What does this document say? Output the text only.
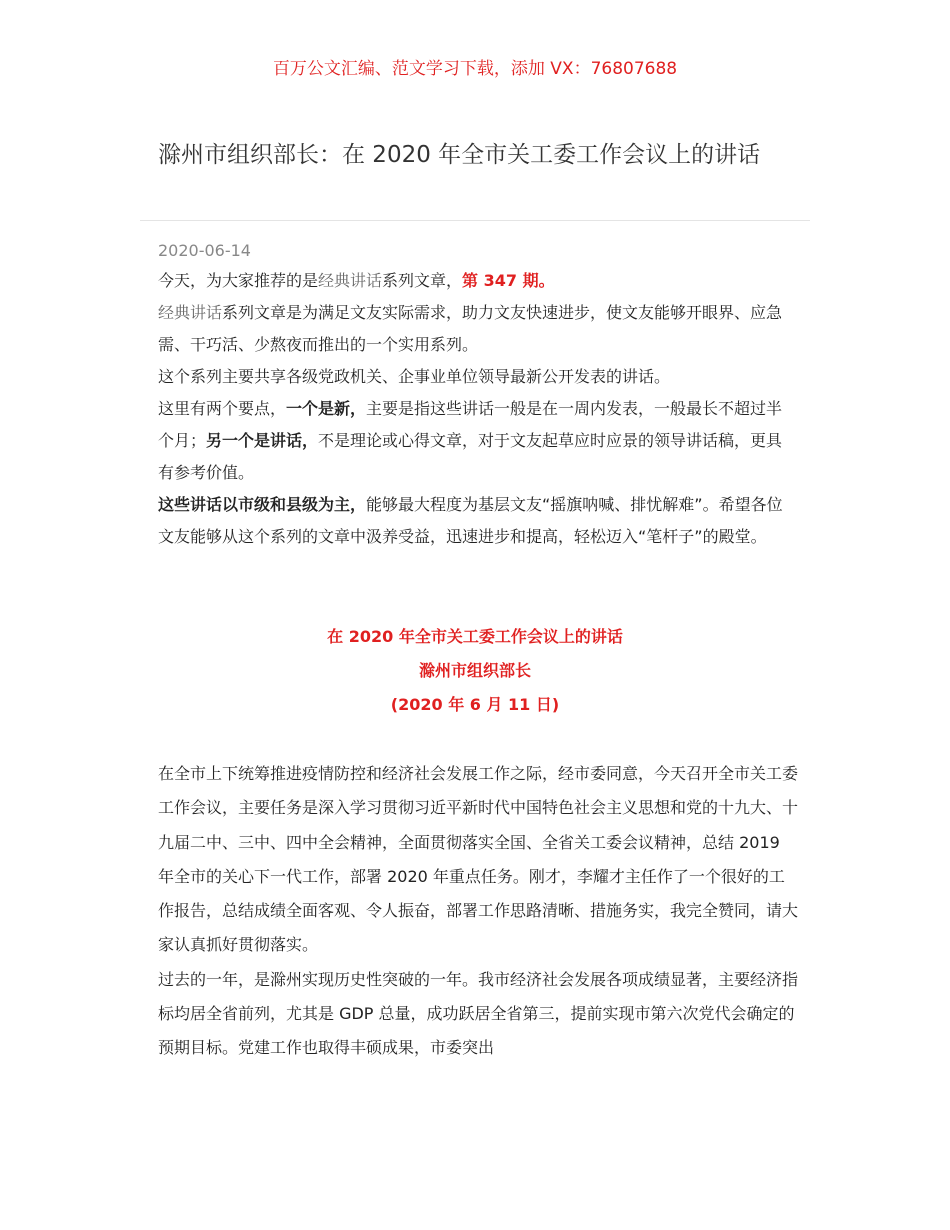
百万公文汇编、范文学习下载，添加 VX：76807688
滁州市组织部长：在 2020 年全市关工委工作会议上的讲话
2020-06-14

今天，为大家推荐的是经典讲话系列文章，第 347 期。

经典讲话系列文章是为满足文友实际需求，助力文友快速进步，使文友能够开眼界、应急需、干巧活、少熬夜而推出的一个实用系列。

这个系列主要共享各级党政机关、企事业单位领导最新公开发表的讲话。

这里有两个要点，一个是新，主要是指这些讲话一般是在一周内发表，一般最长不超过半个月；另一个是讲话，不是理论或心得文章，对于文友起草应时应景的领导讲话稿，更具有参考价值。

这些讲话以市级和县级为主，能够最大程度为基层文友“摇旗呐喊、排忧解难”。希望各位文友能够从这个系列的文章中汲养受益，迅速进步和提高，轻松迈入“笔杆子”的殿堂。

在 2020 年全市关工委工作会议上的讲话
滁州市组织部长
(2020 年 6 月 11 日)

在全市上下统筹推进疫情防控和经济社会发展工作之际，经市委同意，今天召开全市关工委工作会议，主要任务是深入学习贯彻习近平新时代中国特色社会主义思想和党的十九大、十九届二中、三中、四中全会精神，全面贯彻落实全国、全省关工委会议精神，总结 2019 年全市的关心下一代工作，部署 2020 年重点任务。刚才，李耀才主任作了一个很好的工作报告，总结成绩全面客观、令人振奋，部署工作思路清晰、措施务实，我完全赞同，请大家认真抓好贯彻落实。

过去的一年，是滁州实现历史性突破的一年。我市经济社会发展各项成绩显著，主要经济指标均居全省前列，尤其是 GDP 总量，成功跃居全省第三，提前实现市第六次党代会确定的预期目标。党建工作也取得丰硕成果，市委突出
